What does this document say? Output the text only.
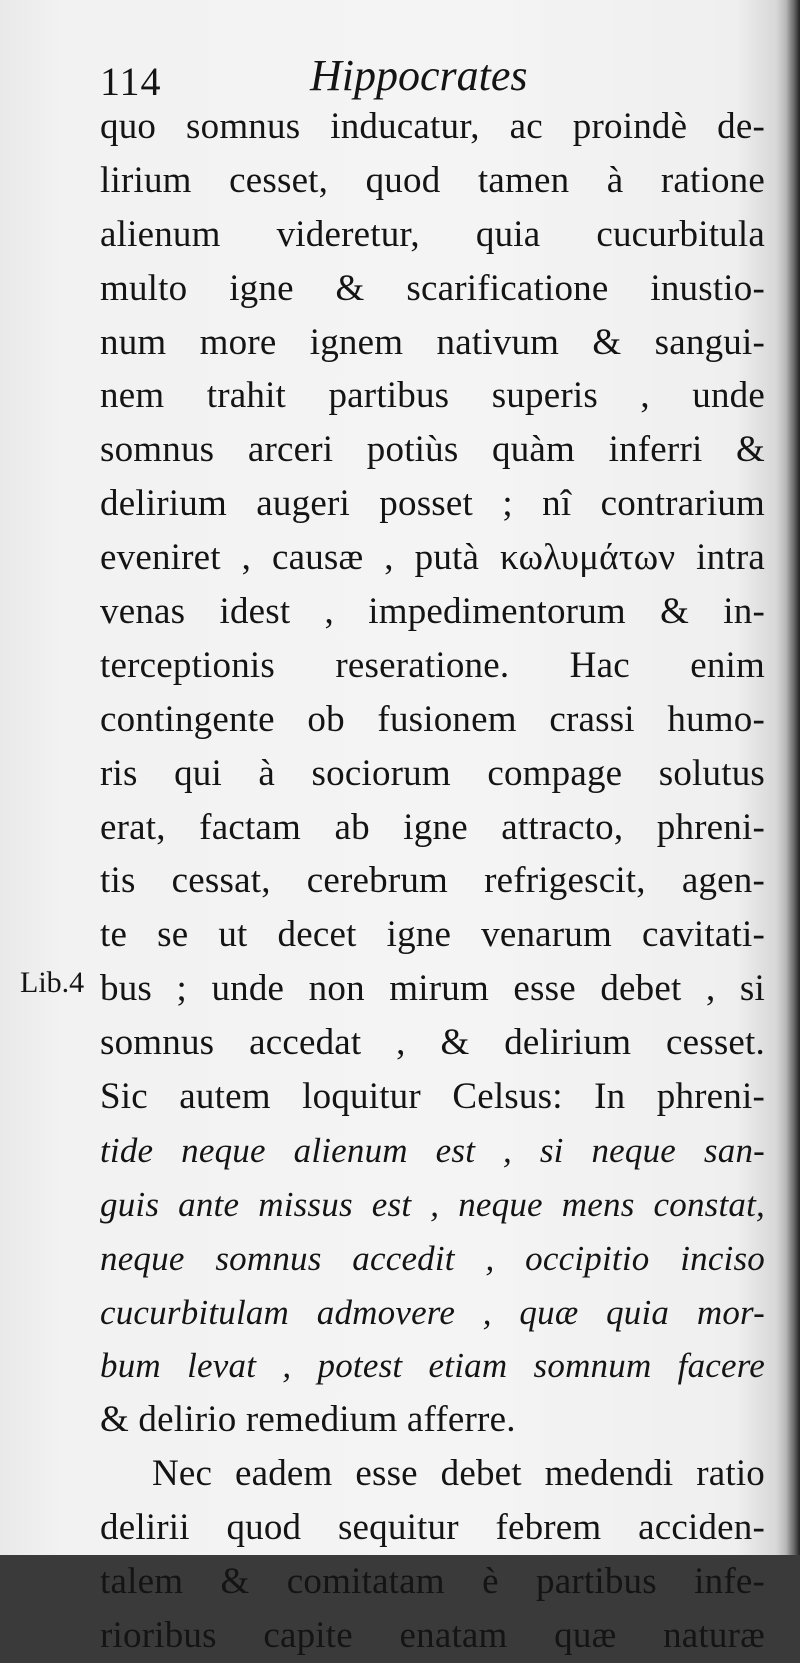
114	Hippocrates
Lib.4
quo somnus inducatur, ac proindè de-
lirium cesset, quod tamen à ratione
alienum videretur, quia cucurbitula
multo igne & scarificatione inustio-
num more ignem nativum & sangui-
nem trahit partibus superis , unde
somnus arceri potiùs quàm inferri &
delirium augeri posset ; nî contrarium
eveniret , causæ , putà κωλυμάτων intra
venas idest , impedimentorum & in-
terceptionis reseratione. Hac enim
contingente ob fusionem crassi humo-
ris qui à sociorum compage solutus
erat, factam ab igne attracto, phreni-
tis cessat, cerebrum refrigescit, agen-
te se ut decet igne venarum cavitati-
bus ; unde non mirum esse debet , si
somnus accedat , & delirium cesset.
Sic autem loquitur Celsus: In phreni-
tide neque alienum est , si neque san-
guis ante missus est , neque mens constat,
neque somnus accedit , occipitio inciso
cucurbitulam admovere , quæ quia mor-
bum levat , potest etiam somnum facere
& delirio remedium afferre.
Nec eadem esse debet medendi ratio
delirii quod sequitur febrem acciden-
talem & comitatam è partibus infe-
rioribus capite enatam quæ naturæ
